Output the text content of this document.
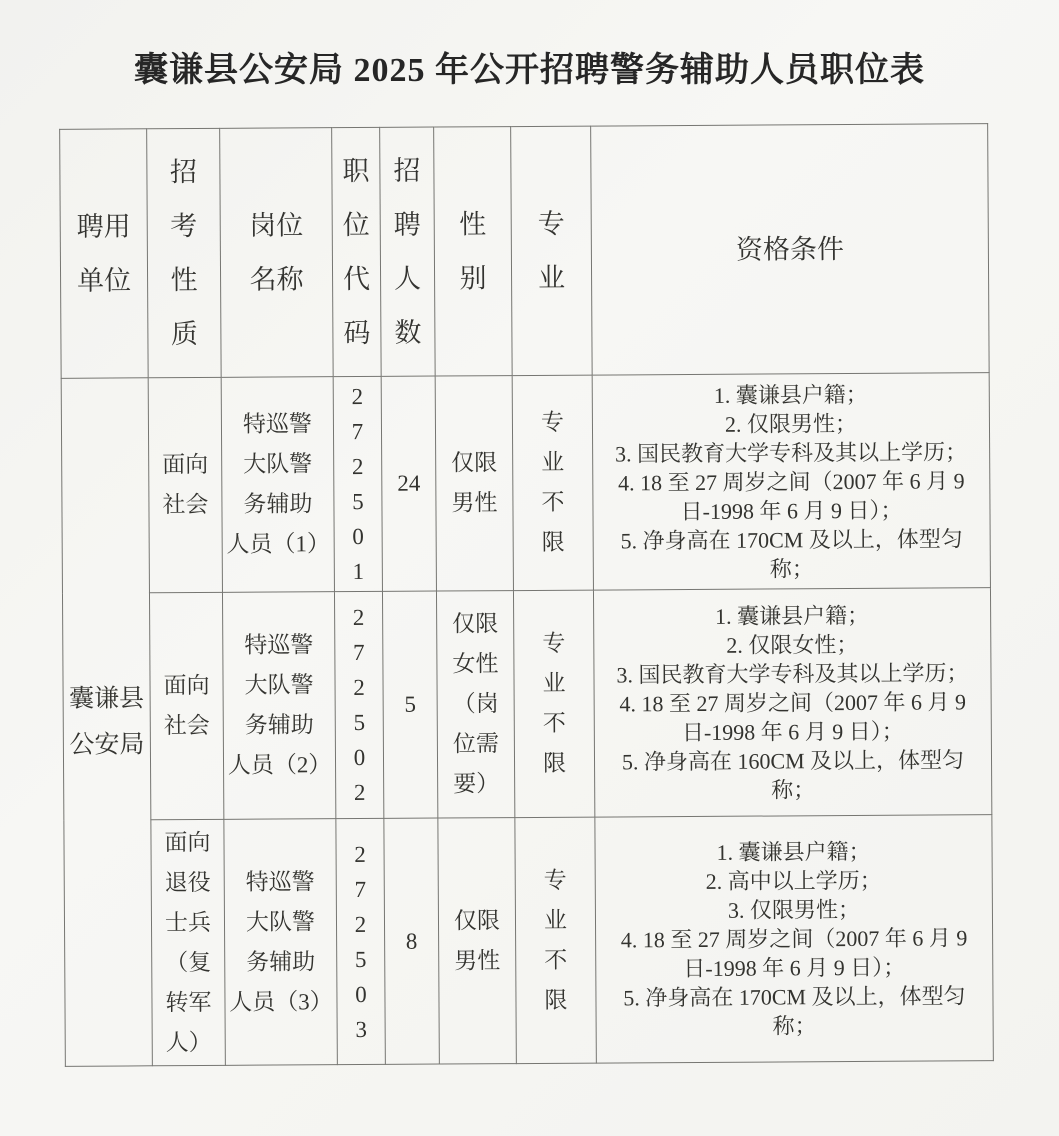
囊谦县公安局 2025 年公开招聘警务辅助人员职位表
聘用
单位	招
考
性
质	岗位
名称	职
位
代
码	招
聘
人
数	性
别	专
业	资格条件
囊谦县
公安局	面向
社会	特巡警
大队警
务辅助
人员（1）	2
7
2
5
0
1	24	仅限
男性	专
业
不
限	1. 囊谦县户籍；
2. 仅限男性；
3. 国民教育大学专科及其以上学历；
4. 18 至 27 周岁之间（2007 年 6 月 9
日-1998 年 6 月 9 日）；
5. 净身高在 170CM 及以上，体型匀
称；
面向
社会	特巡警
大队警
务辅助
人员（2）	2
7
2
5
0
2	5	仅限
女性
（岗
位需
要）	专
业
不
限	1. 囊谦县户籍；
2. 仅限女性；
3. 国民教育大学专科及其以上学历；
4. 18 至 27 周岁之间（2007 年 6 月 9
日-1998 年 6 月 9 日）；
5. 净身高在 160CM 及以上，体型匀
称；
面向
退役
士兵
（复
转军
人）	特巡警
大队警
务辅助
人员（3）	2
7
2
5
0
3	8	仅限
男性	专
业
不
限	1. 囊谦县户籍；
2. 高中以上学历；
3. 仅限男性；
4. 18 至 27 周岁之间（2007 年 6 月 9
日-1998 年 6 月 9 日）；
5. 净身高在 170CM 及以上，体型匀
称；
